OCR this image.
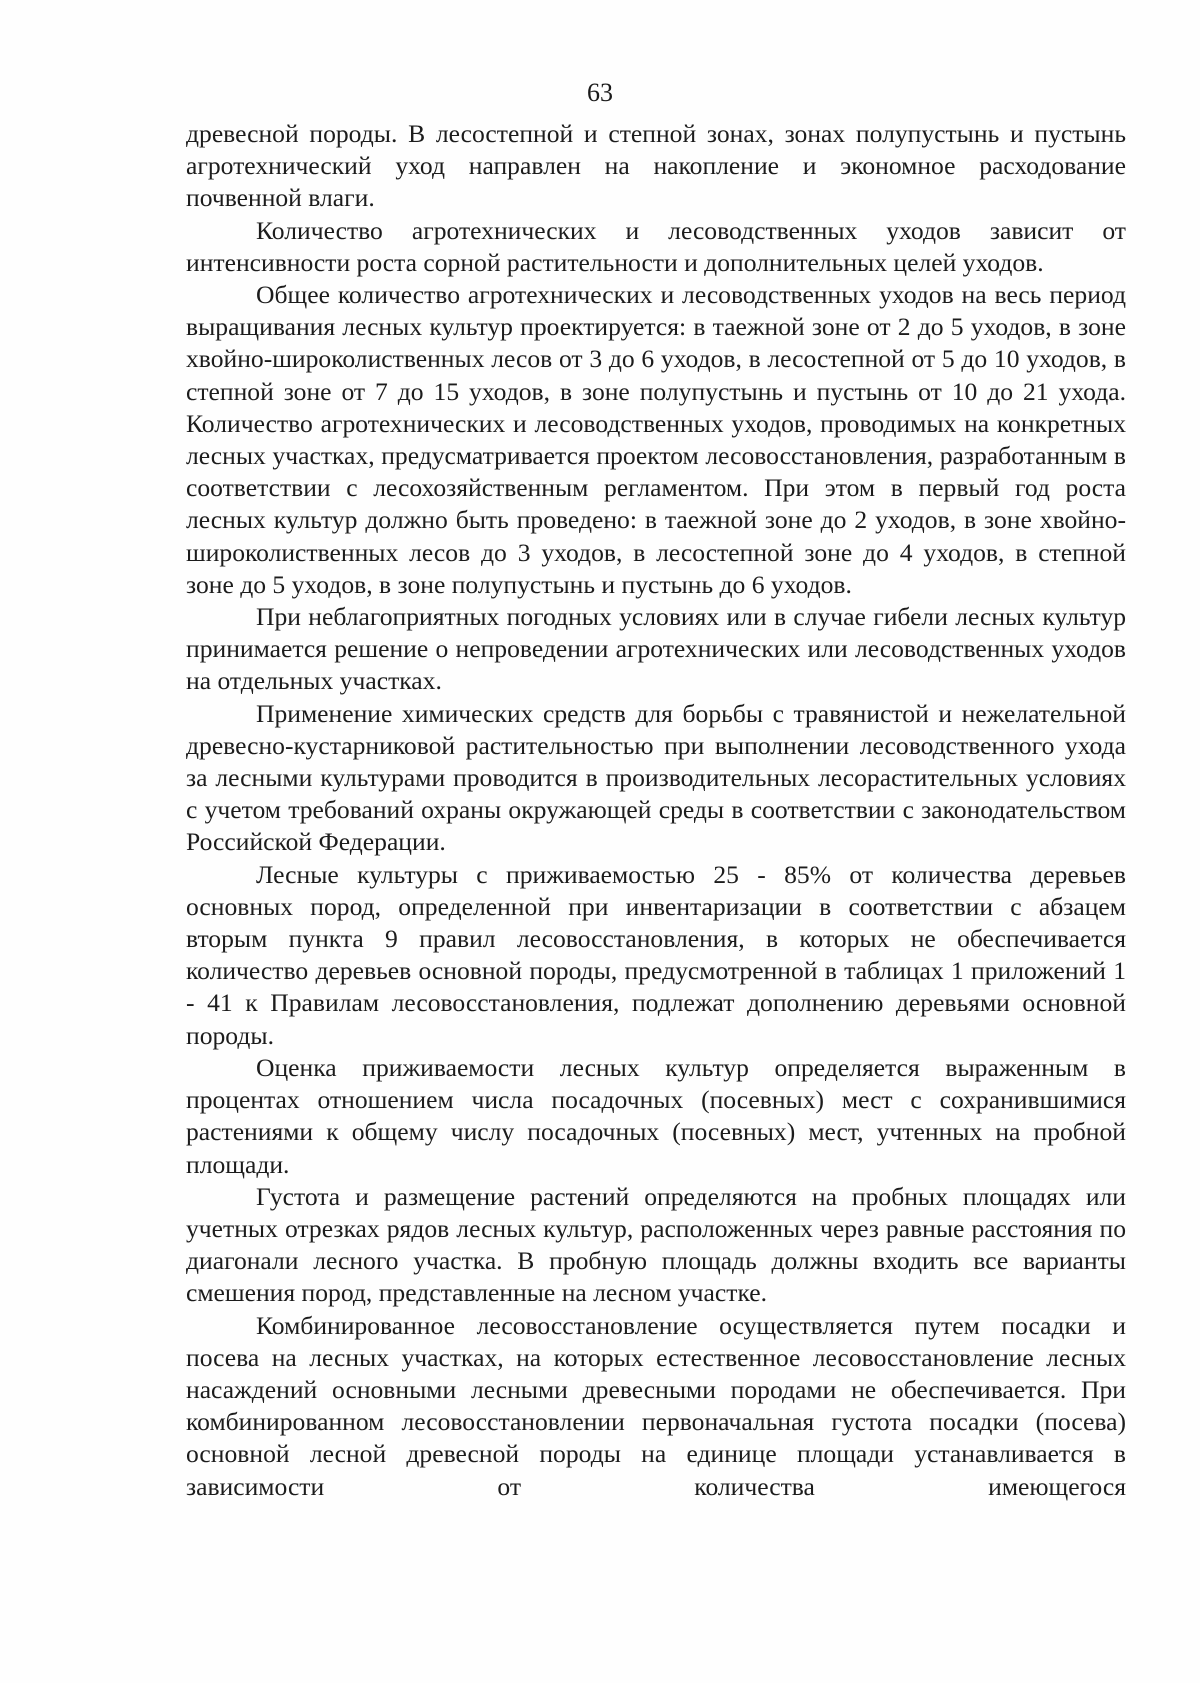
63

древесной породы. В лесостепной и степной зонах, зонах полупустынь и пустынь агротехнический уход направлен на накопление и экономное расходование почвенной влаги.

Количество агротехнических и лесоводственных уходов зависит от интенсивности роста сорной растительности и дополнительных целей уходов.

Общее количество агротехнических и лесоводственных уходов на весь период выращивания лесных культур проектируется: в таежной зоне от 2 до 5 уходов, в зоне хвойно-широколиственных лесов от 3 до 6 уходов, в лесостепной от 5 до 10 уходов, в степной зоне от 7 до 15 уходов, в зоне полупустынь и пустынь от 10 до 21 ухода. Количество агротехнических и лесоводственных уходов, проводимых на конкретных лесных участках, предусматривается проектом лесовосстановления, разработанным в соответствии с лесохозяйственным регламентом. При этом в первый год роста лесных культур должно быть проведено: в таежной зоне до 2 уходов, в зоне хвойно-широколиственных лесов до 3 уходов, в лесостепной зоне до 4 уходов, в степной зоне до 5 уходов, в зоне полупустынь и пустынь до 6 уходов.

При неблагоприятных погодных условиях или в случае гибели лесных культур принимается решение о непроведении агротехнических или лесоводственных уходов на отдельных участках.

Применение химических средств для борьбы с травянистой и нежелательной древесно-кустарниковой растительностью при выполнении лесоводственного ухода за лесными культурами проводится в производительных лесорастительных условиях с учетом требований охраны окружающей среды в соответствии с законодательством Российской Федерации.

Лесные культуры с приживаемостью 25 - 85% от количества деревьев основных пород, определенной при инвентаризации в соответствии с абзацем вторым пункта 9 правил лесовосстановления, в которых не обеспечивается количество деревьев основной породы, предусмотренной в таблицах 1 приложений 1 - 41 к Правилам лесовосстановления, подлежат дополнению деревьями основной породы.

Оценка приживаемости лесных культур определяется выраженным в процентах отношением числа посадочных (посевных) мест с сохранившимися растениями к общему числу посадочных (посевных) мест, учтенных на пробной площади.

Густота и размещение растений определяются на пробных площадях или учетных отрезках рядов лесных культур, расположенных через равные расстояния по диагонали лесного участка. В пробную площадь должны входить все варианты смешения пород, представленные на лесном участке.

Комбинированное лесовосстановление осуществляется путем посадки и посева на лесных участках, на которых естественное лесовосстановление лесных насаждений основными лесными древесными породами не обеспечивается. При комбинированном лесовосстановлении первоначальная густота посадки (посева) основной лесной древесной породы на единице площади устанавливается в зависимости от количества имеющегося
